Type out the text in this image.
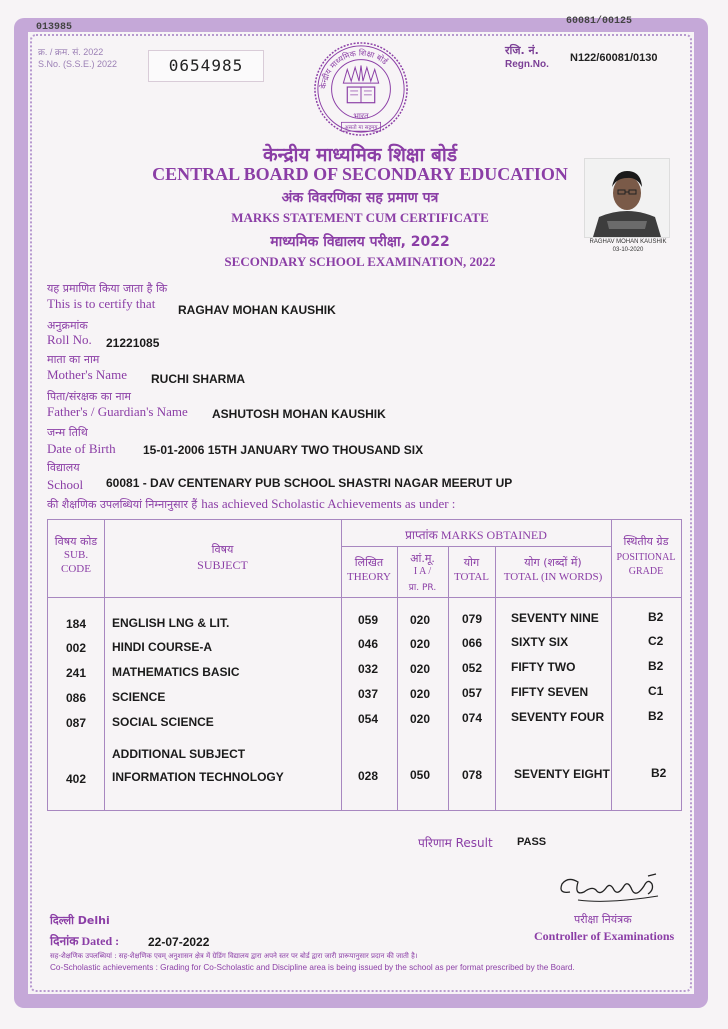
013985
60081/00125
क्र. / क्रम. सं. 2022
S.No. (S.S.E.) 2022	0654985
रजि. नं.
Regn.No.
N122/60081/0130
केन्द्रीय माध्यमिक शिक्षा बोर्ड
भारत
असतो मा सद्गमय
केन्द्रीय माध्यमिक शिक्षा बोर्ड
CENTRAL BOARD OF SECONDARY EDUCATION
अंक विवरणिका सह प्रमाण पत्र
MARKS STATEMENT CUM CERTIFICATE
माध्यमिक विद्यालय परीक्षा, 2022
SECONDARY SCHOOL EXAMINATION, 2022
RAGHAV MOHAN KAUSHIK
03-10-2020
यह प्रमाणित किया जाता है कि
This is to certify that RAGHAV MOHAN KAUSHIK
अनुक्रमांक
Roll No. 21221085
माता का नाम
Mother's Name RUCHI SHARMA
पिता/संरक्षक का नाम
Father's / Guardian's Name ASHUTOSH MOHAN KAUSHIK
जन्म तिथि
Date of Birth 15-01-2006 15TH JANUARY TWO THOUSAND SIX
विद्यालय
School 60081 - DAV CENTENARY PUB SCHOOL SHASTRI NAGAR MEERUT UP
की शैक्षणिक उपलब्धियां निम्नानुसार हैं has achieved Scholastic Achievements as under :
विषय कोड
SUB.
CODE
विषय
SUBJECT
प्राप्तांक MARKS OBTAINED
लिखित
THEORY
आं.मू.
I A /
प्रा. PR.
योग
TOTAL
योग (शब्दों में)
TOTAL (IN WORDS)
स्थितीय ग्रेड
POSITIONAL
GRADE
184 ENGLISH LNG & LIT.	059	020	079 SEVENTY NINE	B2
002 HINDI COURSE-A	046	020	066 SIXTY SIX	C2
241 MATHEMATICS BASIC	032	020	052 FIFTY TWO	B2
086 SCIENCE	037	020	057 FIFTY SEVEN	C1
087 SOCIAL SCIENCE	054	020	074 SEVENTY FOUR	B2
ADDITIONAL SUBJECT
402 INFORMATION TECHNOLOGY	028	050	078	SEVENTY EIGHT	B2
परिणाम Result PASS
परीक्षा नियंत्रक
Controller of Examinations
दिल्ली Delhi
दिनांक Dated : 22-07-2022
सह-शैक्षणिक उपलब्धियां : सह-शैक्षणिक एवम् अनुशासन क्षेत्र में ग्रेडिंग विद्यालय द्वारा अपने स्तर पर बोर्ड द्वारा जारी प्रारूपानुसार प्रदान की जाती है।
Co-Scholastic achievements : Grading for Co-Scholastic and Discipline area is being issued by the school as per format prescribed by the Board.
